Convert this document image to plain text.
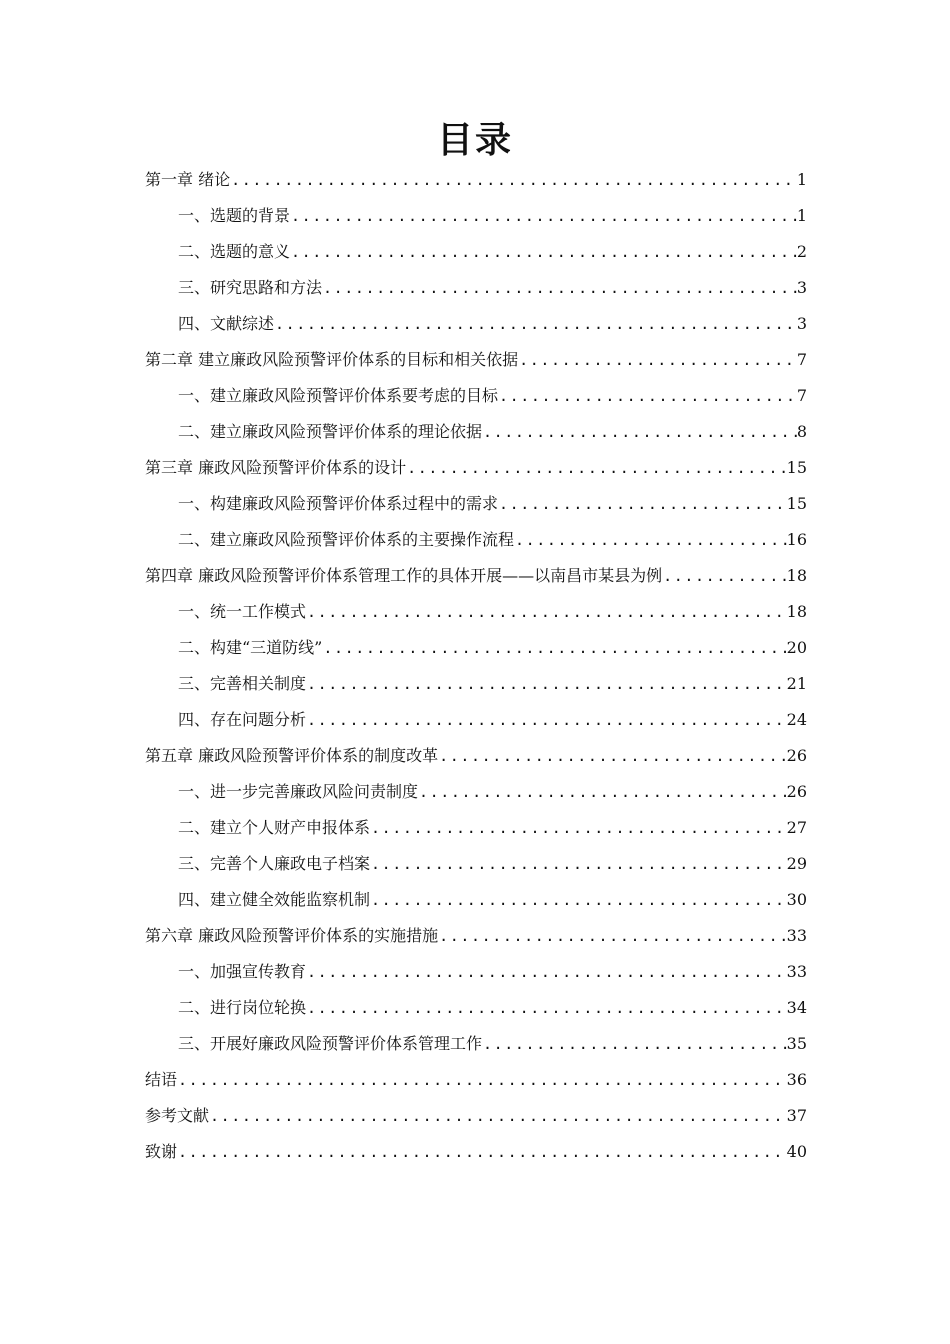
目录
第一章 绪论 .....	1
一、选题的背景 .....	1
二、选题的意义 .....	2
三、研究思路和方法 .....	3
四、文献综述 .....	3
第二章 建立廉政风险预警评价体系的目标和相关依据 .....	7
一、建立廉政风险预警评价体系要考虑的目标 .....	7
二、建立廉政风险预警评价体系的理论依据 .....	8
第三章 廉政风险预警评价体系的设计 .....	15
一、构建廉政风险预警评价体系过程中的需求 .....	15
二、建立廉政风险预警评价体系的主要操作流程 .....	16
第四章 廉政风险预警评价体系管理工作的具体开展——以南昌市某县为例 .....	18
一、统一工作模式 .....	18
二、构建“三道防线” .....	20
三、完善相关制度 .....	21
四、存在问题分析 .....	24
第五章 廉政风险预警评价体系的制度改革 .....	26
一、进一步完善廉政风险问责制度 .....	26
二、建立个人财产申报体系 .....	27
三、完善个人廉政电子档案 .....	29
四、建立健全效能监察机制 .....	30
第六章 廉政风险预警评价体系的实施措施 .....	33
一、加强宣传教育 .....	33
二、进行岗位轮换 .....	34
三、开展好廉政风险预警评价体系管理工作 .....	35
结语 .....	36
参考文献 .....	37
致谢 .....	40
